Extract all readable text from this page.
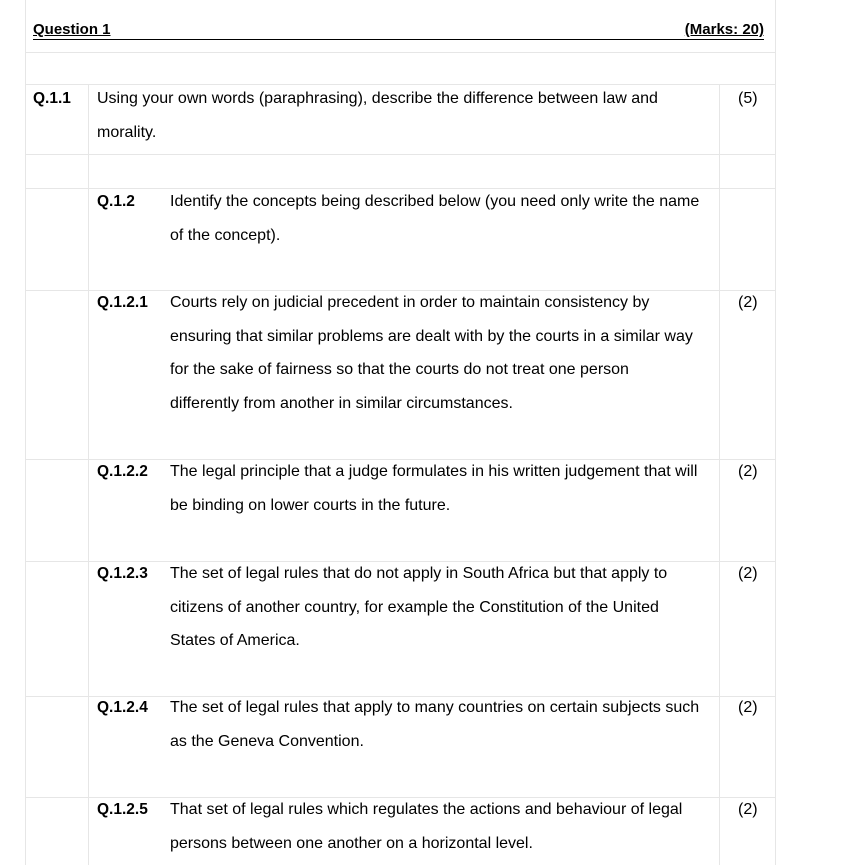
Question 1	(Marks: 20)
Q.1.1 Using your own words (paraphrasing), describe the difference between law and morality.
(5)
Q.1.2 Identify the concepts being described below (you need only write the name of the concept).
Q.1.2.1 Courts rely on judicial precedent in order to maintain consistency by ensuring that similar problems are dealt with by the courts in a similar way for the sake of fairness so that the courts do not treat one person differently from another in similar circumstances.
(2)
Q.1.2.2 The legal principle that a judge formulates in his written judgement that will be binding on lower courts in the future.
(2)
Q.1.2.3 The set of legal rules that do not apply in South Africa but that apply to citizens of another country, for example the Constitution of the United States of America.
(2)
Q.1.2.4 The set of legal rules that apply to many countries on certain subjects such as the Geneva Convention.
(2)
Q.1.2.5 That set of legal rules which regulates the actions and behaviour of legal persons between one another on a horizontal level.
(2)
